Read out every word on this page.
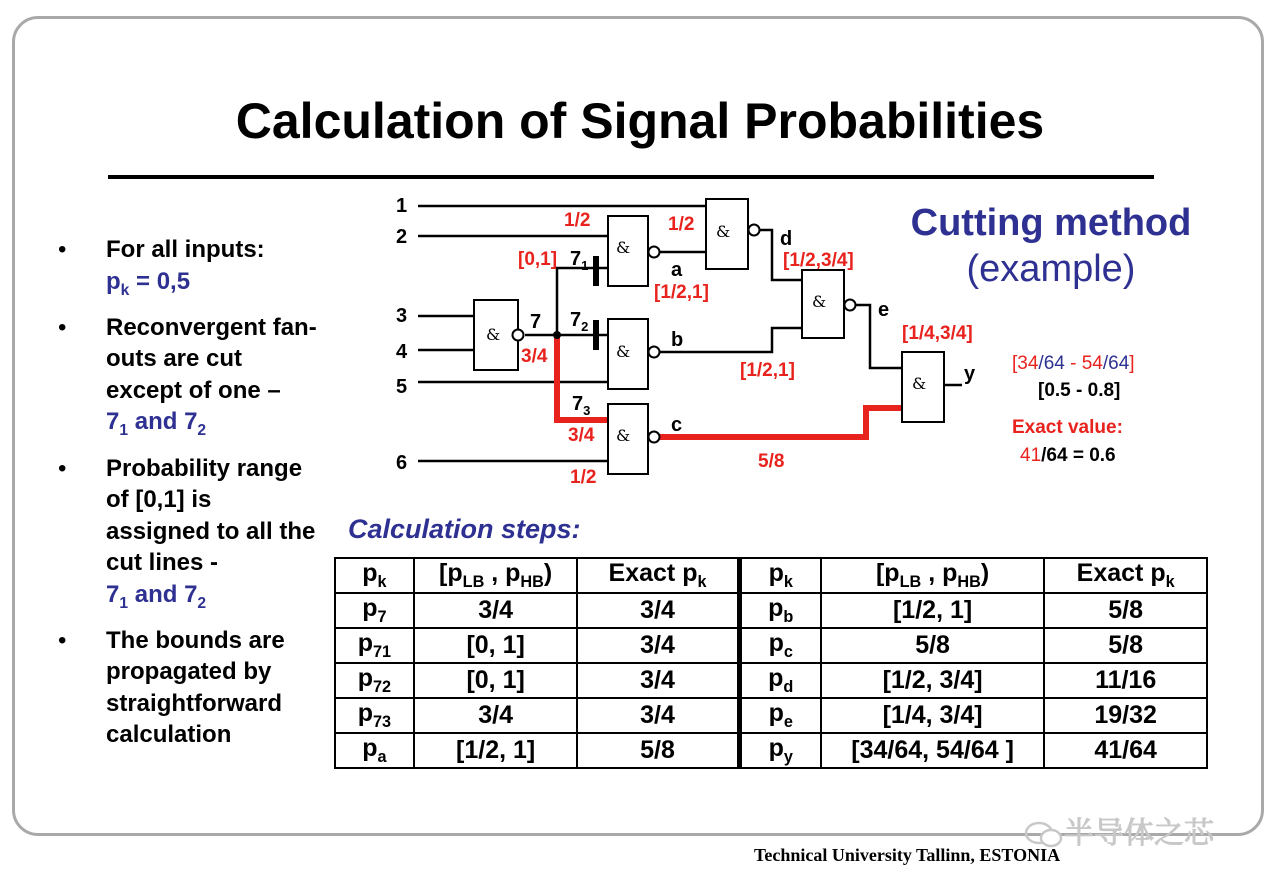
Calculation of Signal Probabilities
• For all inputs:
$p_k = 0,5$
• Reconvergent fan-outs are cut except of one –
$7_1$ and $7_2$
• Probability range of [0,1] is assigned to all the cut lines -
$7_1$ and $7_2$
• The bounds are propagated by straightforward calculation
&
&
&
&
&
&
&
1
2
3
4
5
6
7
$7_1$
$7_2$
$7_3$
a
b
c
d
e
y
1/2	1/2
[0,1]
3/4
3/4
1/2
[1/2,1]
[1/2,3/4]
[1/2,1]
[1/4,3/4]
5/8
[34/64 - 54/64]
[0.5 - 0.8]
Exact value:
41/64 = 0.6
Cutting method
(example)
Calculation steps:
$p_k$	[$p_{LB}$ , $p_{HB}$)	Exact $p_k$	$p_k$	[$p_{LB}$ , $p_{HB}$)	Exact $p_k$
$p_7$	3/4	3/4	$p_b$	[1/2, 1]	5/8
$p_{71}$	[0, 1]	3/4	$p_c$	5/8	5/8
$p_{72}$	[0, 1]	3/4	$p_d$	[1/2, 3/4]	11/16
$p_{73}$	3/4	3/4	$p_e$	[1/4, 3/4]	19/32
$p_a$	[1/2, 1]	5/8	$p_y$	[34/64, 54/64 ]	41/64
半导体之芯
Technical University Tallinn, ESTONIA
